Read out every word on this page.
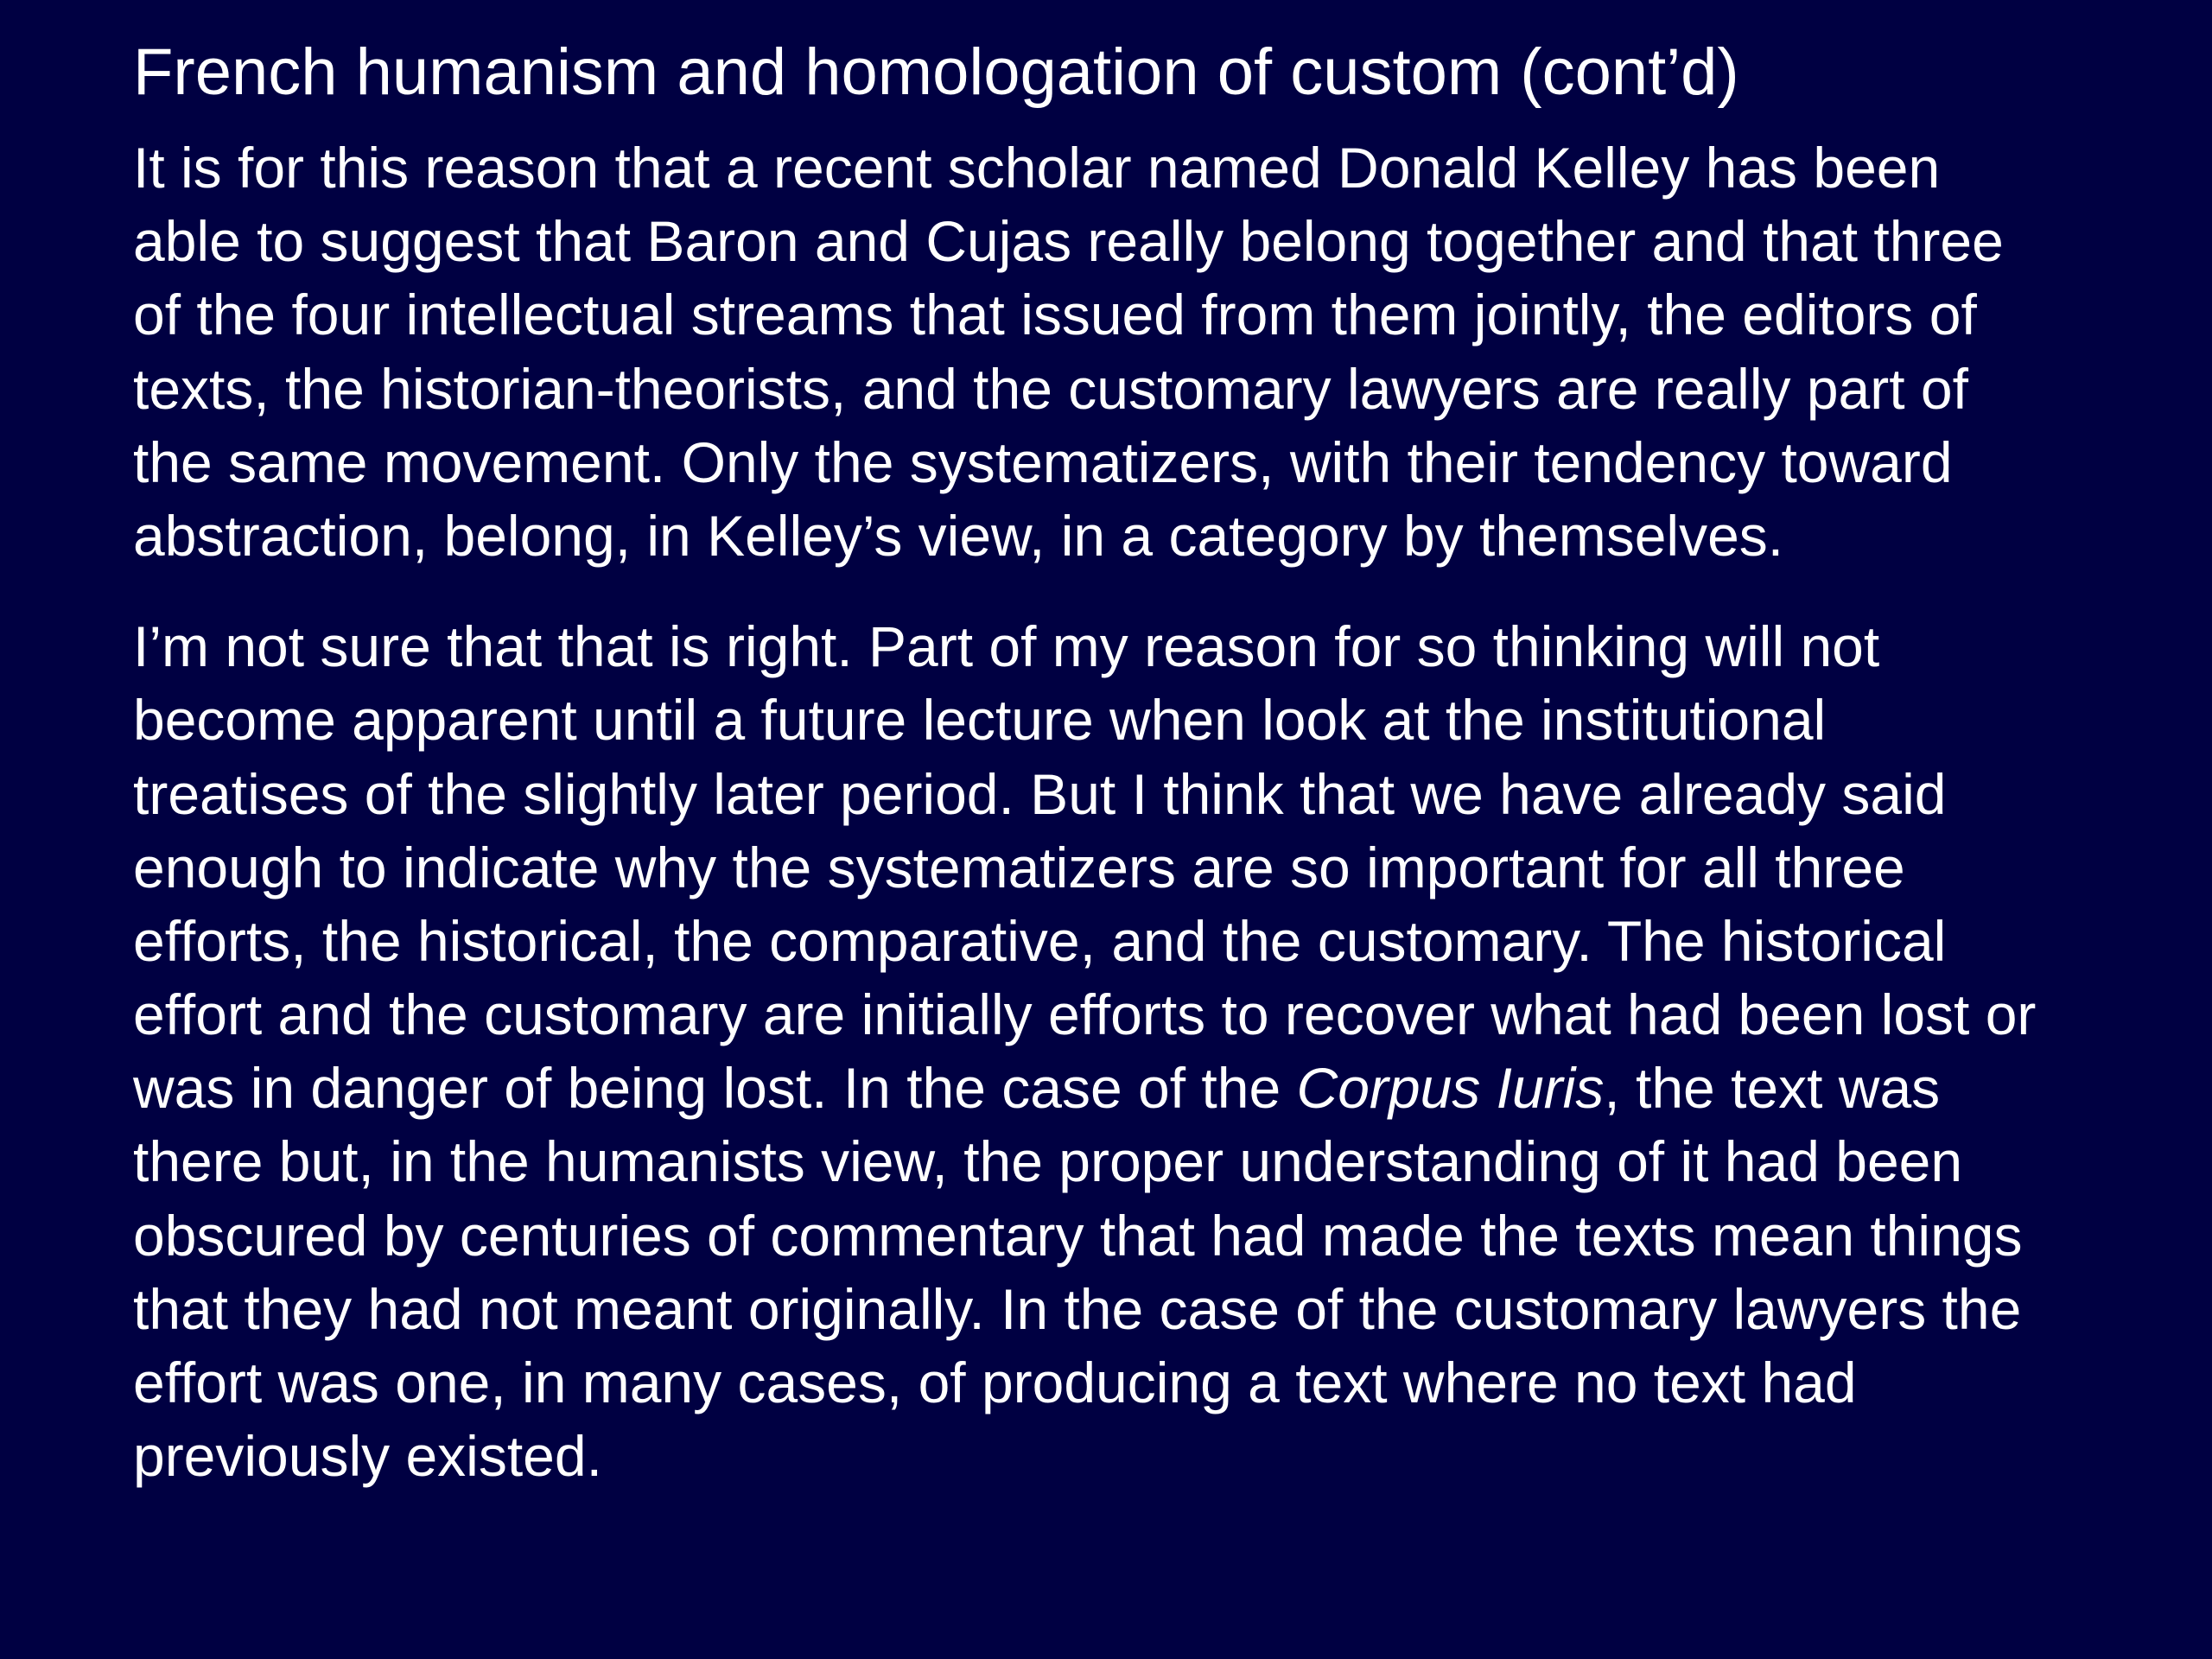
French humanism and homologation of custom (cont’d)

It is for this reason that a recent scholar named Donald Kelley has been
able to suggest that Baron and Cujas really belong together and that three
of the four intellectual streams that issued from them jointly, the editors of
texts, the historian-theorists, and the customary lawyers are really part of
the same movement. Only the systematizers, with their tendency toward
abstraction, belong, in Kelley’s view, in a category by themselves.

I’m not sure that that is right. Part of my reason for so thinking will not
become apparent until a future lecture when look at the institutional
treatises of the slightly later period. But I think that we have already said
enough to indicate why the systematizers are so important for all three
efforts, the historical, the comparative, and the customary. The historical
effort and the customary are initially efforts to recover what had been lost or
was in danger of being lost. In the case of the Corpus Iuris, the text was
there but, in the humanists view, the proper understanding of it had been
obscured by centuries of commentary that had made the texts mean things
that they had not meant originally. In the case of the customary lawyers the
effort was one, in many cases, of producing a text where no text had
previously existed.
